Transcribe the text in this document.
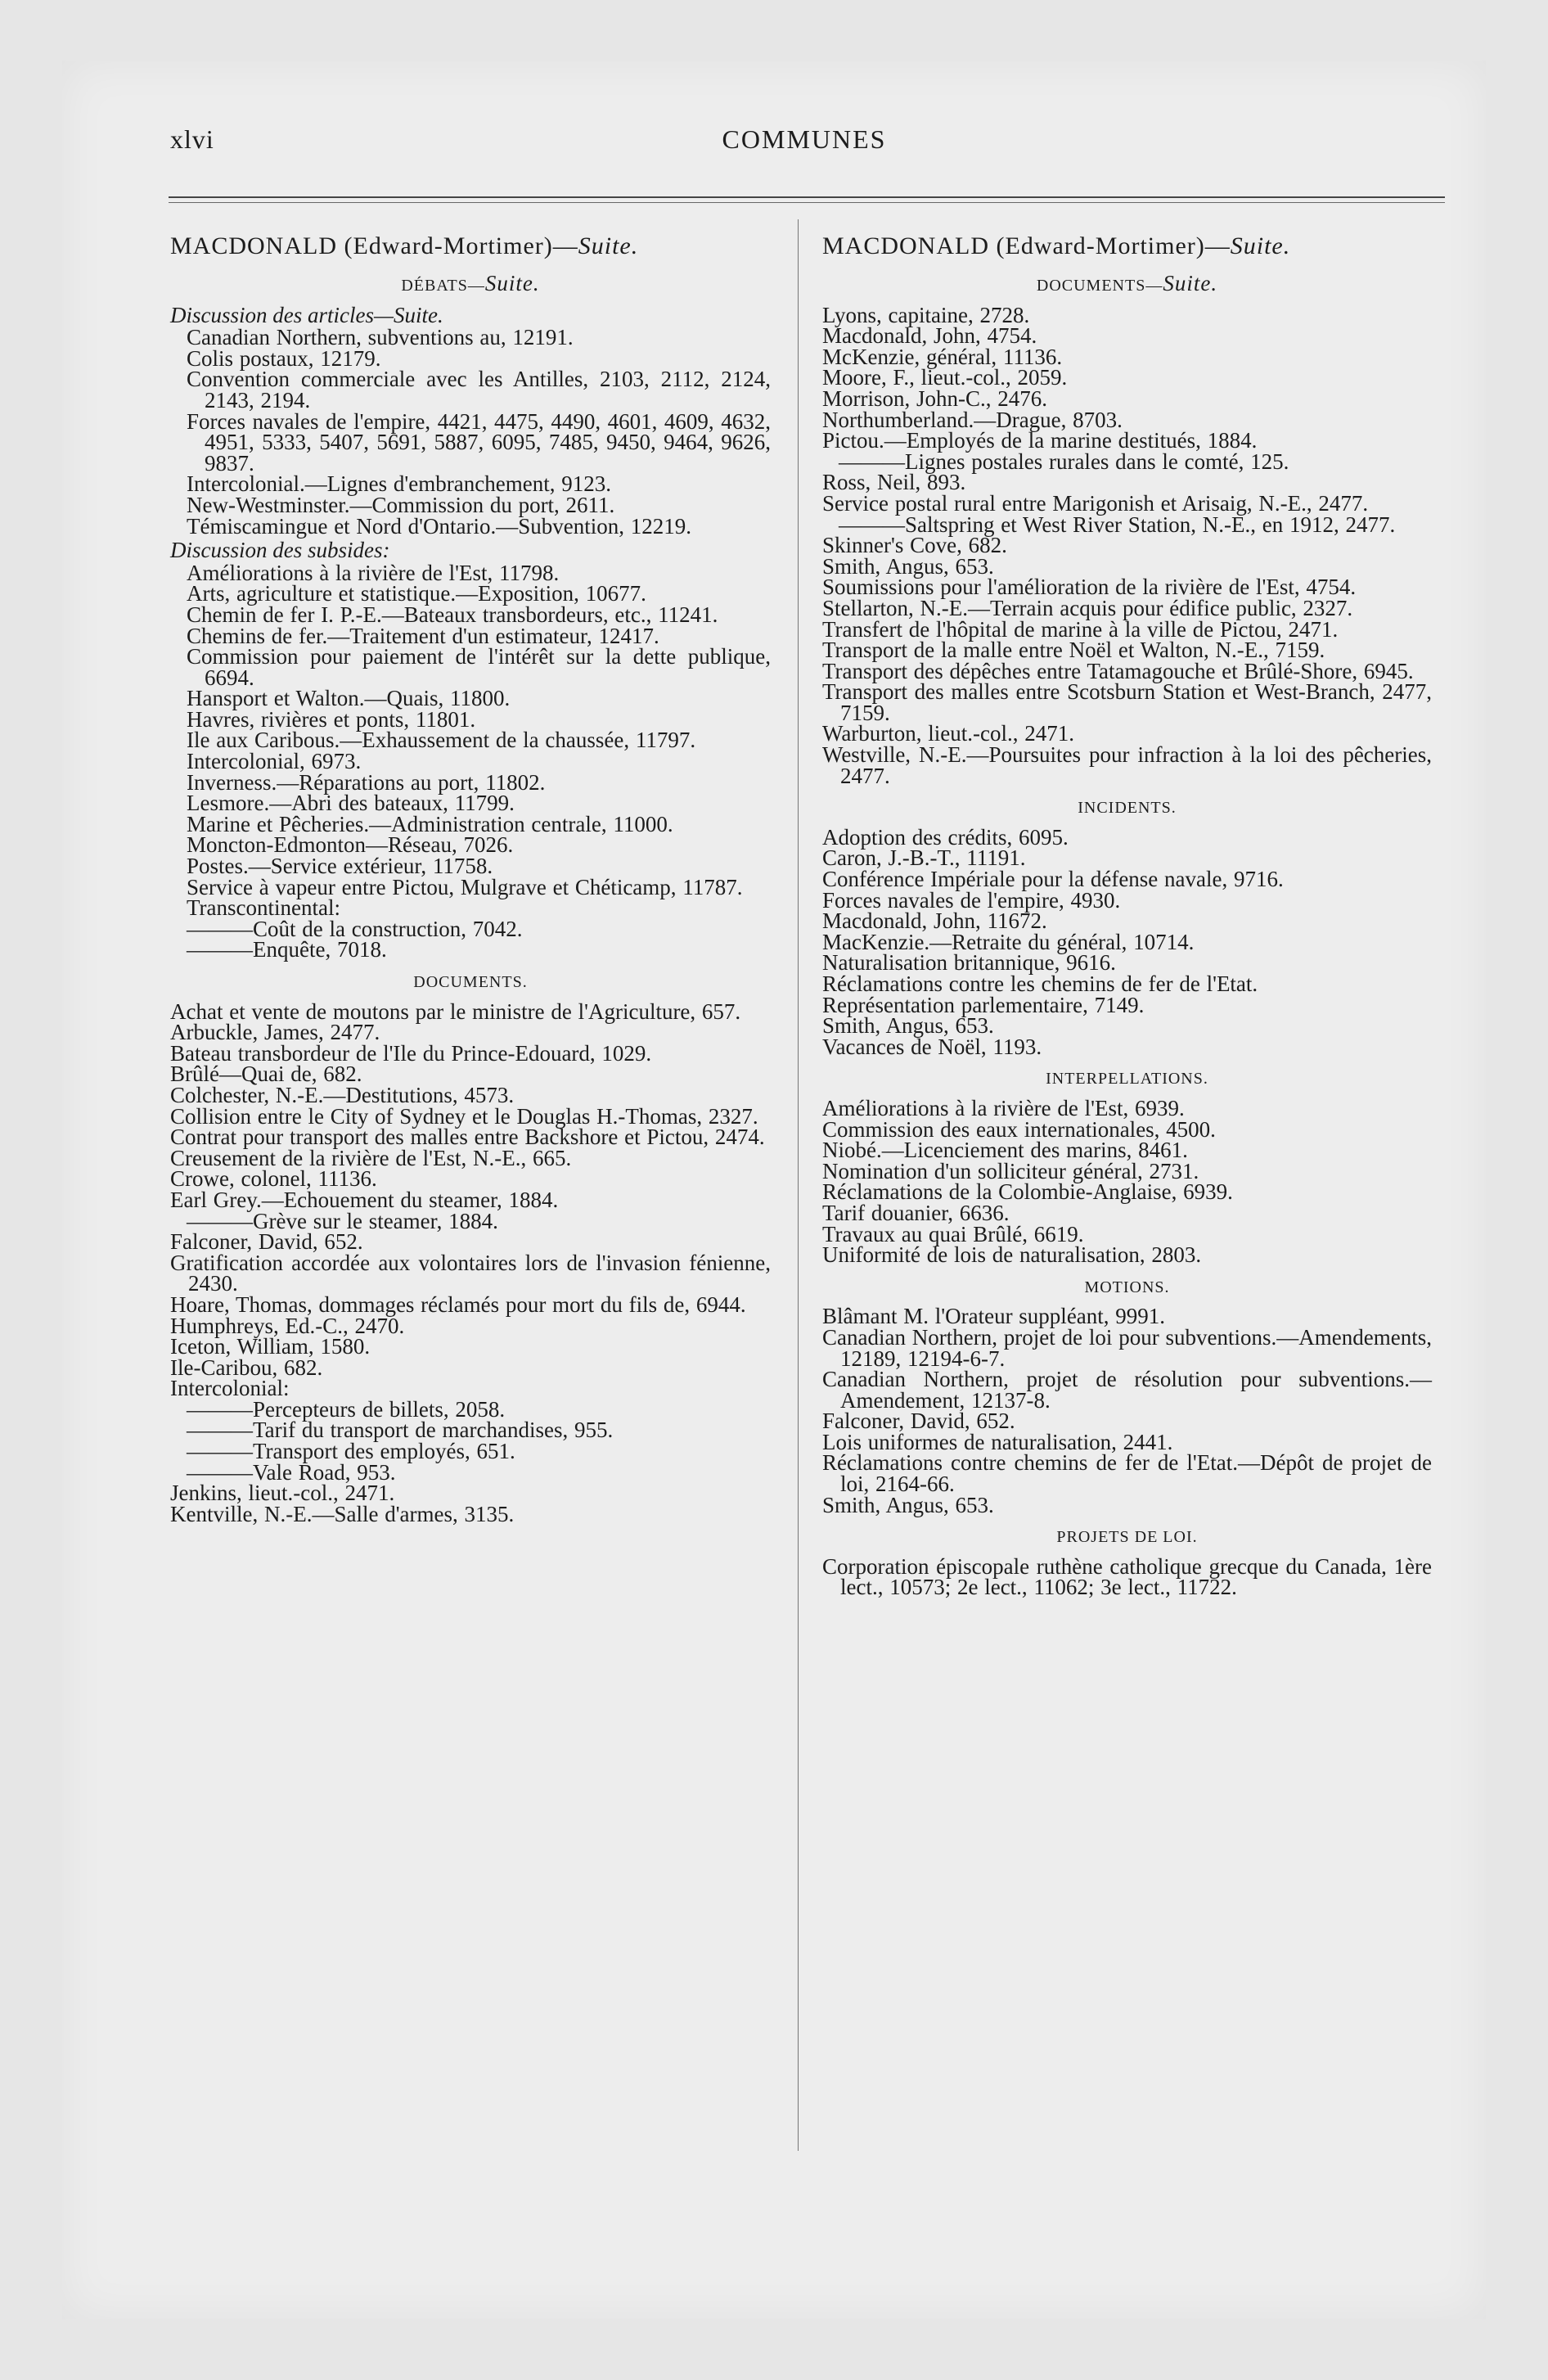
xlvi	COMMUNES
MACDONALD (Edward-Mortimer)—Suite.
DÉBATS—Suite.
Discussion des articles—Suite.

Canadian Northern, subventions au, 12191.

Colis postaux, 12179.

Convention commerciale avec les Antilles, 2103, 2112, 2124, 2143, 2194.

Forces navales de l'empire, 4421, 4475, 4490, 4601, 4609, 4632, 4951, 5333, 5407, 5691, 5887, 6095, 7485, 9450, 9464, 9626, 9837.

Intercolonial.—Lignes d'embranchement, 9123.

New-Westminster.—Commission du port, 2611.

Témiscamingue et Nord d'Ontario.—Subvention, 12219.

Discussion des subsides:

Améliorations à la rivière de l'Est, 11798.

Arts, agriculture et statistique.—Exposition, 10677.

Chemin de fer I. P.-E.—Bateaux transbordeurs, etc., 11241.

Chemins de fer.—Traitement d'un estimateur, 12417.

Commission pour paiement de l'intérêt sur la dette publique, 6694.

Hansport et Walton.—Quais, 11800.

Havres, rivières et ponts, 11801.

Ile aux Caribous.—Exhaussement de la chaussée, 11797.

Intercolonial, 6973.

Inverness.—Réparations au port, 11802.

Lesmore.—Abri des bateaux, 11799.

Marine et Pêcheries.—Administration centrale, 11000.

Moncton-Edmonton—Réseau, 7026.

Postes.—Service extérieur, 11758.

Service à vapeur entre Pictou, Mulgrave et Chéticamp, 11787.

Transcontinental:

———Coût de la construction, 7042.

———Enquête, 7018.

DOCUMENTS.

Achat et vente de moutons par le ministre de l'Agriculture, 657.

Arbuckle, James, 2477.

Bateau transbordeur de l'Ile du Prince-Edouard, 1029.

Brûlé—Quai de, 682.

Colchester, N.-E.—Destitutions, 4573.

Collision entre le City of Sydney et le Douglas H.-Thomas, 2327.

Contrat pour transport des malles entre Backshore et Pictou, 2474.

Creusement de la rivière de l'Est, N.-E., 665.

Crowe, colonel, 11136.

Earl Grey.—Echouement du steamer, 1884.

———Grève sur le steamer, 1884.

Falconer, David, 652.

Gratification accordée aux volontaires lors de l'invasion fénienne, 2430.

Hoare, Thomas, dommages réclamés pour mort du fils de, 6944.

Humphreys, Ed.-C., 2470.

Iceton, William, 1580.

Ile-Caribou, 682.

Intercolonial:

———Percepteurs de billets, 2058.

———Tarif du transport de marchandises, 955.

———Transport des employés, 651.

———Vale Road, 953.

Jenkins, lieut.-col., 2471.

Kentville, N.-E.—Salle d'armes, 3135.

MACDONALD (Edward-Mortimer)—Suite.
DOCUMENTS—Suite.

Lyons, capitaine, 2728.

Macdonald, John, 4754.

McKenzie, général, 11136.

Moore, F., lieut.-col., 2059.

Morrison, John-C., 2476.

Northumberland.—Drague, 8703.

Pictou.—Employés de la marine destitués, 1884.

———Lignes postales rurales dans le comté, 125.

Ross, Neil, 893.

Service postal rural entre Marigonish et Arisaig, N.-E., 2477.

———Saltspring et West River Station, N.-E., en 1912, 2477.

Skinner's Cove, 682.

Smith, Angus, 653.

Soumissions pour l'amélioration de la rivière de l'Est, 4754.

Stellarton, N.-E.—Terrain acquis pour édifice public, 2327.

Transfert de l'hôpital de marine à la ville de Pictou, 2471.

Transport de la malle entre Noël et Walton, N.-E., 7159.

Transport des dépêches entre Tatamagouche et Brûlé-Shore, 6945.

Transport des malles entre Scotsburn Station et West-Branch, 2477, 7159.

Warburton, lieut.-col., 2471.

Westville, N.-E.—Poursuites pour infraction à la loi des pêcheries, 2477.

INCIDENTS.

Adoption des crédits, 6095.

Caron, J.-B.-T., 11191.

Conférence Impériale pour la défense navale, 9716.

Forces navales de l'empire, 4930.

Macdonald, John, 11672.

MacKenzie.—Retraite du général, 10714.

Naturalisation britannique, 9616.

Réclamations contre les chemins de fer de l'Etat.

Représentation parlementaire, 7149.

Smith, Angus, 653.

Vacances de Noël, 1193.

INTERPELLATIONS.

Améliorations à la rivière de l'Est, 6939.

Commission des eaux internationales, 4500.

Niobé.—Licenciement des marins, 8461.

Nomination d'un solliciteur général, 2731.

Réclamations de la Colombie-Anglaise, 6939.

Tarif douanier, 6636.

Travaux au quai Brûlé, 6619.

Uniformité de lois de naturalisation, 2803.

MOTIONS.

Blâmant M. l'Orateur suppléant, 9991.

Canadian Northern, projet de loi pour subventions.—Amendements, 12189, 12194-6-7.

Canadian Northern, projet de résolution pour subventions.—Amendement, 12137-8.

Falconer, David, 652.

Lois uniformes de naturalisation, 2441.

Réclamations contre chemins de fer de l'Etat.—Dépôt de projet de loi, 2164-66.

Smith, Angus, 653.

PROJETS DE LOI.

Corporation épiscopale ruthène catholique grecque du Canada, 1ère lect., 10573; 2e lect., 11062; 3e lect., 11722.
